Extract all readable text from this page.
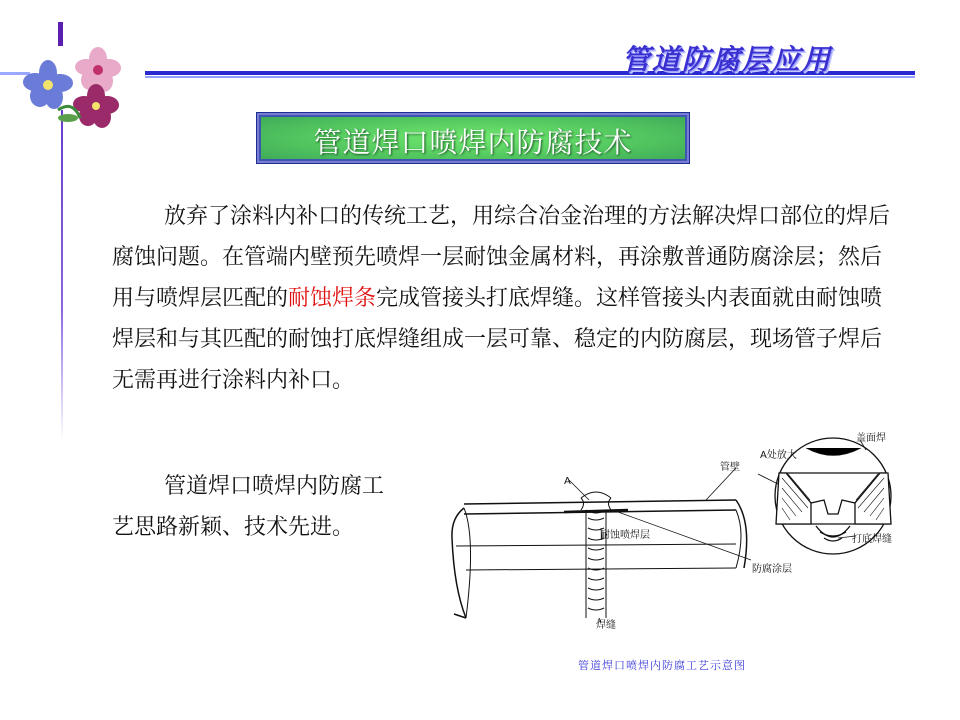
管道防腐层应用
管道焊口喷焊内防腐技术
放弃了涂料内补口的传统工艺，用综合冶金治理的方法解决焊口部位的焊后腐蚀问题。在管端内壁预先喷焊一层耐蚀金属材料，再涂敷普通防腐涂层；然后用与喷焊层匹配的耐蚀焊条完成管接头打底焊缝。这样管接头内表面就由耐蚀喷焊层和与其匹配的耐蚀打底焊缝组成一层可靠、稳定的内防腐层，现场管子焊后无需再进行涂料内补口。
管道焊口喷焊内防腐工艺思路新颖、技术先进。
A
A处放大
盖面焊
管壁
耐蚀喷焊层
防腐涂层
打底焊缝
焊缝
管道焊口喷焊内防腐工艺示意图
